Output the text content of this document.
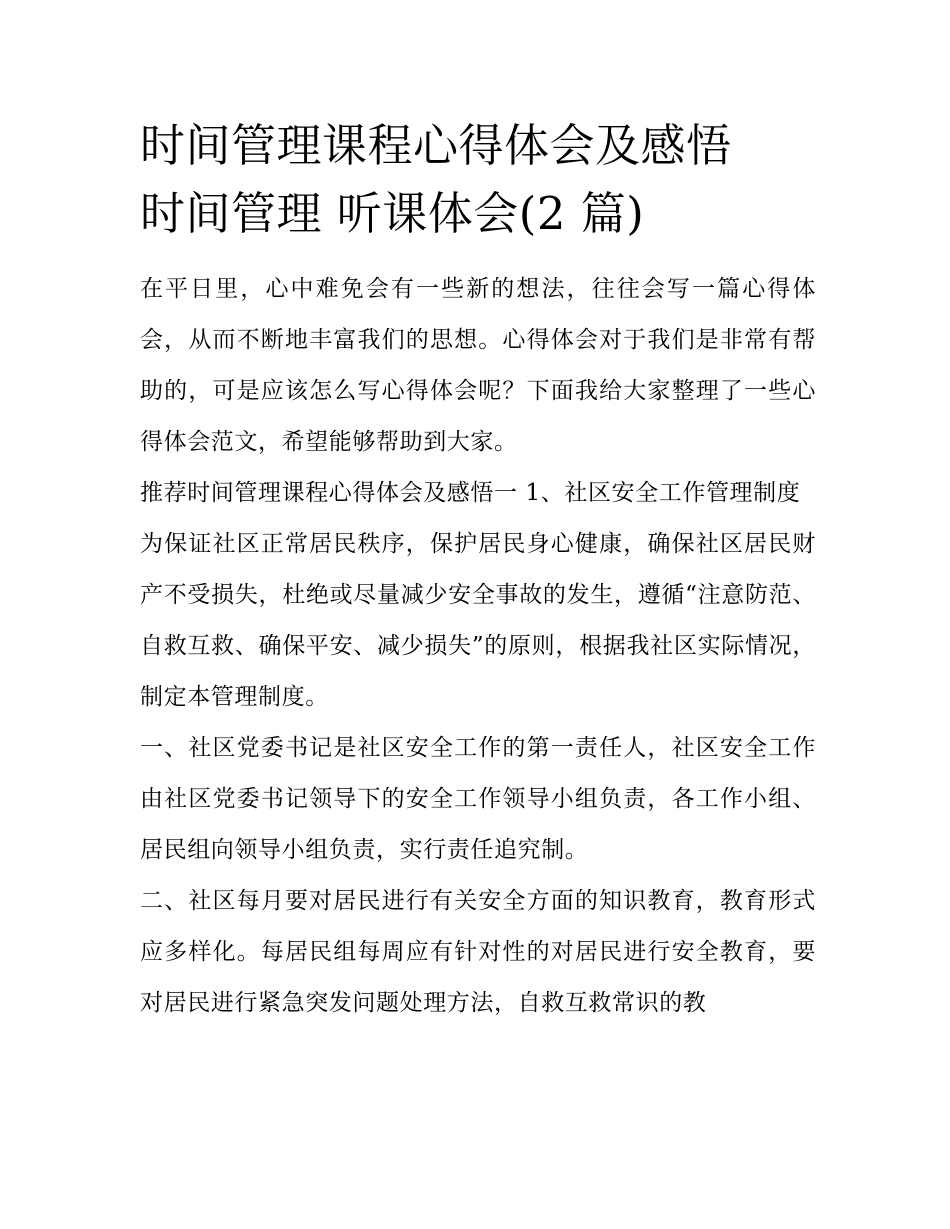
时间管理课程心得体会及感悟
时间管理 听课体会(2 篇)

在平日里，心中难免会有一些新的想法，往往会写一篇心得体会，从而不断地丰富我们的思想。心得体会对于我们是非常有帮助的，可是应该怎么写心得体会呢？下面我给大家整理了一些心得体会范文，希望能够帮助到大家。

推荐时间管理课程心得体会及感悟一 1、社区安全工作管理制度

为保证社区正常居民秩序，保护居民身心健康，确保社区居民财产不受损失，杜绝或尽量减少安全事故的发生，遵循“注意防范、自救互救、确保平安、减少损失”的原则，根据我社区实际情况，制定本管理制度。

一、社区党委书记是社区安全工作的第一责任人，社区安全工作由社区党委书记领导下的安全工作领导小组负责，各工作小组、居民组向领导小组负责，实行责任追究制。

二、社区每月要对居民进行有关安全方面的知识教育，教育形式应多样化。每居民组每周应有针对性的对居民进行安全教育，要对居民进行紧急突发问题处理方法，自救互救常识的教
